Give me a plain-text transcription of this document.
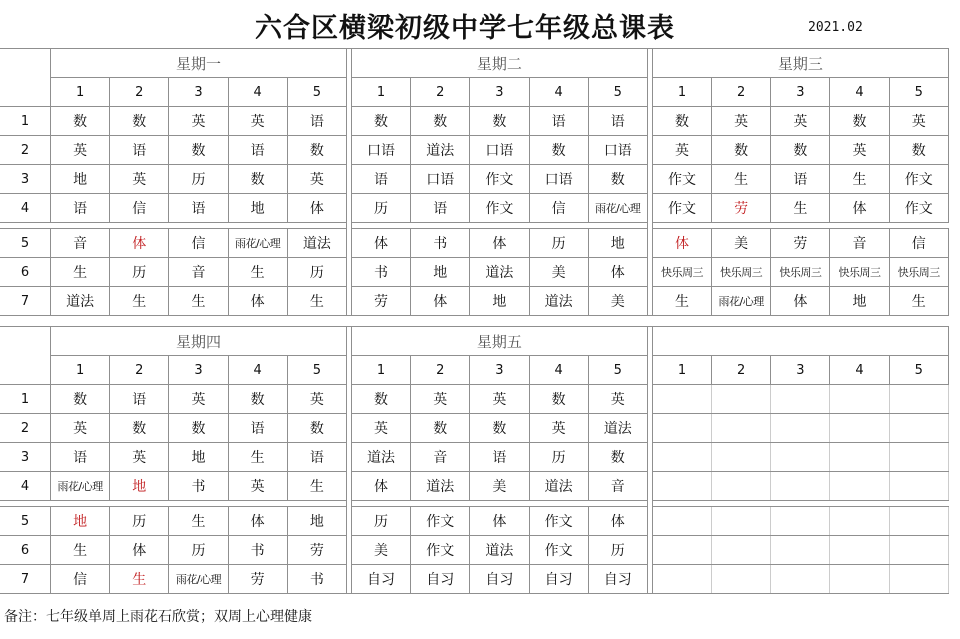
六合区横梁初级中学七年级总课表	2021.02
	星期一						星期二						星期三				
	1	2	3	4	5		1	2	3	4	5		1	2	3	4	5
1	数	数	英	英	语		数	数	数	语	语		数	英	英	数	英
2	英	语	数	语	数		口语	道法	口语	数	口语		英	数	数	英	数
3	地	英	历	数	英		语	口语	作文	口语	数		作文	生	语	生	作文
4	语	信	语	地	体		历	语	作文	信	雨花/心理		作文	劳	生	体	作文

5	音	体	信	雨花/心理	道法		体	书	体	历	地		体	美	劳	音	信
6	生	历	音	生	历		书	地	道法	美	体		快乐周三	快乐周三	快乐周三	快乐周三	快乐周三
7	道法	生	生	体	生		劳	体	地	道法	美		生	雨花/心理	体	地	生
	星期四						星期五										
	1	2	3	4	5		1	2	3	4	5		1	2	3	4	5
1	数	语	英	数	英		数	英	英	数	英						
2	英	数	数	语	数		英	数	数	英	道法						
3	语	英	地	生	语		道法	音	语	历	数						
4	雨花/心理	地	书	英	生		体	道法	美	道法	音						

5	地	历	生	体	地		历	作文	体	作文	体						
6	生	体	历	书	劳		美	作文	道法	作文	历						
7	信	生	雨花/心理	劳	书		自习	自习	自习	自习	自习						
备注：七年级单周上雨花石欣赏；双周上心理健康
